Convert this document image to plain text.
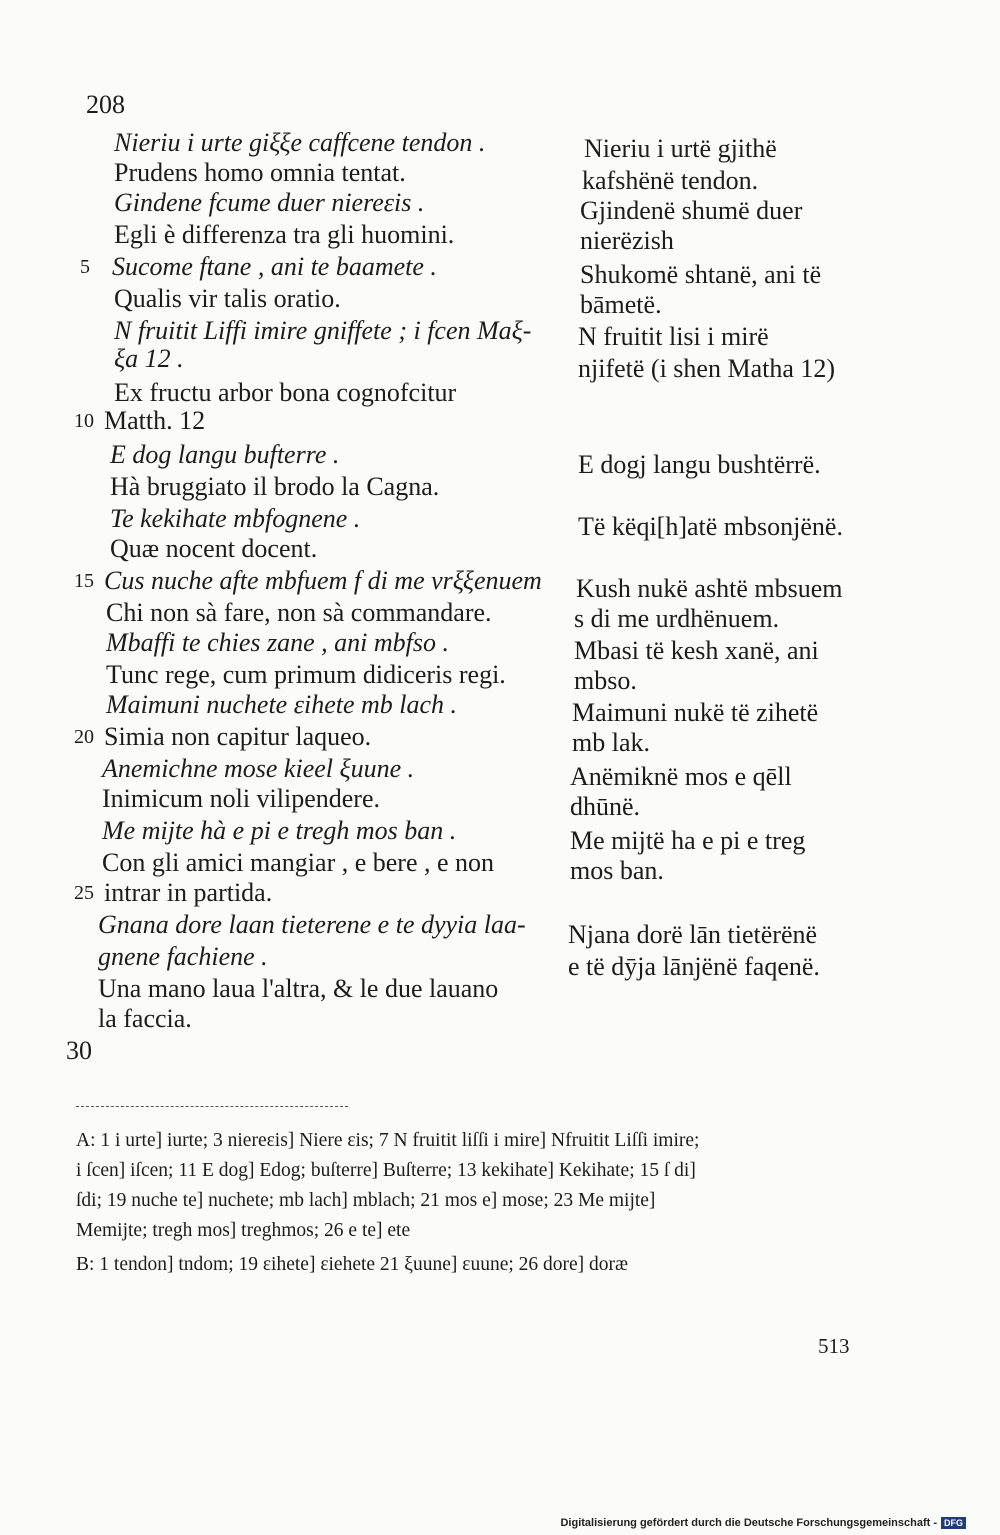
208
Nieriu i urte giξξe caffcene tendon .
Prudens homo omnia tentat.
Gindene fcume duer niereεis .
Egli è differenza tra gli huomini.
5 Sucome ftane , ani te baamete .
Qualis vir talis oratio.
N fruitit Liffi imire gniffete ; i fcen Maξ-
ξa 12 .
Ex fructu arbor bona cognofcitur
10 Matth. 12
E dog langu bufterre .
Hà bruggiato il brodo la Cagna.
Te kekihate mbfognene .
Quæ nocent docent.
15 Cus nuche afte mbfuem f di me vrξξenuem
Chi non sà fare, non sà commandare.
Mbaffi te chies zane , ani mbfso .
Tunc rege, cum primum didiceris regi.
Maimuni nuchete εihete mb lach .
20 Simia non capitur laqueo.
Anemichne mose kieel ξuune .
Inimicum noli vilipendere.
Me mijte hà e pi e tregh mos ban .
Con gli amici mangiar , e bere , e non
25 intrar in partida.
Gnana dore laan tieterene e te dyyia laa-
gnene fachiene .
Una mano laua l'altra, & le due lauano
la faccia.
30
Nieriu i urtë gjithë
kafshënë tendon.
Gjindenë shumë duer
nierëzish
Shukomë shtanë, ani të
bāmetë.
N fruitit lisi i mirë
njifetë (i shen Matha 12)
E dogj langu bushtërrë.
Të këqi[h]atë mbsonjënë.
Kush nukë ashtë mbsuem
s di me urdhënuem.
Mbasi të kesh xanë, ani
mbso.
Maimuni nukë të zihetë
mb lak.
Anëmiknë mos e qēll
dhūnë.
Me mijtë ha e pi e treg
mos ban.
Njana dorë lān tietërënë
e të dȳja lānjënë faqenë.
A: 1 i urte] iurte; 3 niereεis] Niere εis; 7 N fruitit liſſi i mire] Nfruitit Liſſi imire;
i ſcen] iſcen; 11 E dog] Edog; buſterre] Buſterre; 13 kekihate] Kekihate; 15 ſ di]
ſdi; 19 nuche te] nuchete; mb lach] mblach; 21 mos e] mose; 23 Me mijte]
Memijte; tregh mos] treghmos; 26 e te] ete
B: 1 tendon] tndom; 19 εihete] εiehete 21 ξuune] εuune; 26 dore] doræ
513
Digitalisierung gefördert durch die Deutsche Forschungsgemeinschaft - DFG
